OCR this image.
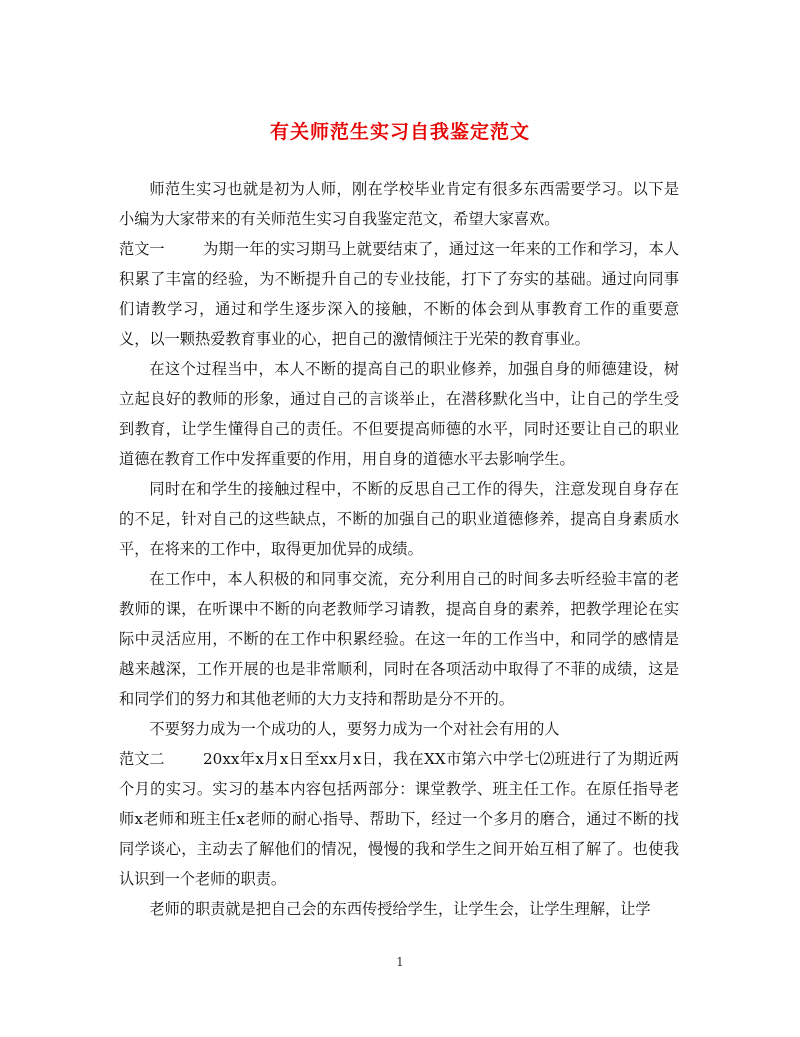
有关师范生实习自我鉴定范文

师范生实习也就是初为人师，刚在学校毕业肯定有很多东西需要学习。以下是小编为大家带来的有关师范生实习自我鉴定范文，希望大家喜欢。

范文一	为期一年的实习期马上就要结束了，通过这一年来的工作和学习，本人积累了丰富的经验，为不断提升自己的专业技能，打下了夯实的基础。通过向同事们请教学习，通过和学生逐步深入的接触，不断的体会到从事教育工作的重要意义，以一颗热爱教育事业的心，把自己的激情倾注于光荣的教育事业。

在这个过程当中，本人不断的提高自己的职业修养，加强自身的师德建设，树立起良好的教师的形象，通过自己的言谈举止，在潜移默化当中，让自己的学生受到教育，让学生懂得自己的责任。不但要提高师德的水平，同时还要让自己的职业道德在教育工作中发挥重要的作用，用自身的道德水平去影响学生。

同时在和学生的接触过程中，不断的反思自己工作的得失，注意发现自身存在的不足，针对自己的这些缺点，不断的加强自己的职业道德修养，提高自身素质水平，在将来的工作中，取得更加优异的成绩。

在工作中，本人积极的和同事交流，充分利用自己的时间多去听经验丰富的老教师的课，在听课中不断的向老教师学习请教，提高自身的素养，把教学理论在实际中灵活应用，不断的在工作中积累经验。在这一年的工作当中，和同学的感情是越来越深，工作开展的也是非常顺利，同时在各项活动中取得了不菲的成绩，这是和同学们的努力和其他老师的大力支持和帮助是分不开的。

不要努力成为一个成功的人，要努力成为一个对社会有用的人

范文二	20xx年x月x日至xx月x日，我在XX市第六中学七⑵班进行了为期近两个月的实习。实习的基本内容包括两部分：课堂教学、班主任工作。在原任指导老师x老师和班主任x老师的耐心指导、帮助下，经过一个多月的磨合，通过不断的找同学谈心，主动去了解他们的情况，慢慢的我和学生之间开始互相了解了。也使我认识到一个老师的职责。

老师的职责就是把自己会的东西传授给学生，让学生会，让学生理解，让学

1
